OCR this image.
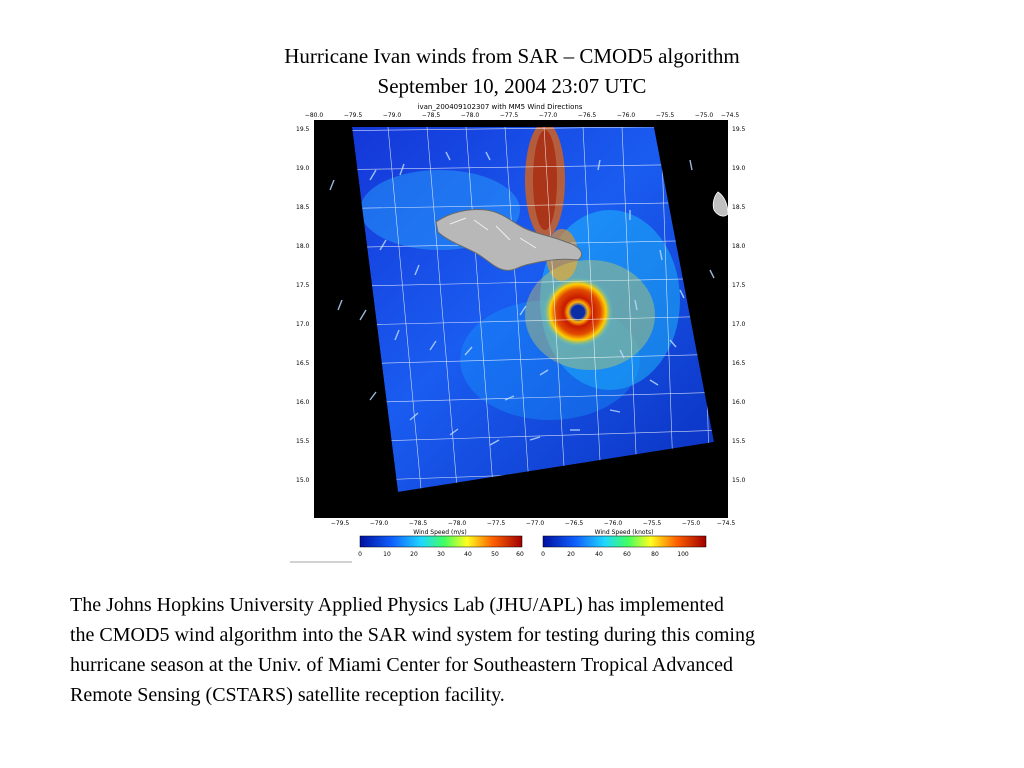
Hurricane Ivan winds from SAR – CMOD5 algorithm
September 10, 2004 23:07 UTC
ivan_200409102307 with MM5 Wind Directions
19.5
19.0
18.5
18.0
17.5
17.0
16.5
16.0
15.5
15.0
19.5
19.0
18.5
18.0
17.5
17.0
16.5
16.0
15.5
15.0
−80.0	−79.5	−79.0	−78.5	−78.0	−77.5	−77.0	−76.5	−76.0	−75.5	−75.0 −74.5
−79.5	−79.0	−78.5	−78.0	−77.5	−77.0	−76.5	−76.0	−75.5	−75.0	−74.5
Wind Speed (m/s)
0	10	20	30	40	50	60
Wind Speed (knots)
0	20	40	60	80	100
The Johns Hopkins University Applied Physics Lab (JHU/APL) has implemented
the CMOD5 wind algorithm into the SAR wind system for testing during this coming
hurricane season at the Univ. of Miami Center for Southeastern Tropical Advanced
Remote Sensing (CSTARS) satellite reception facility.
